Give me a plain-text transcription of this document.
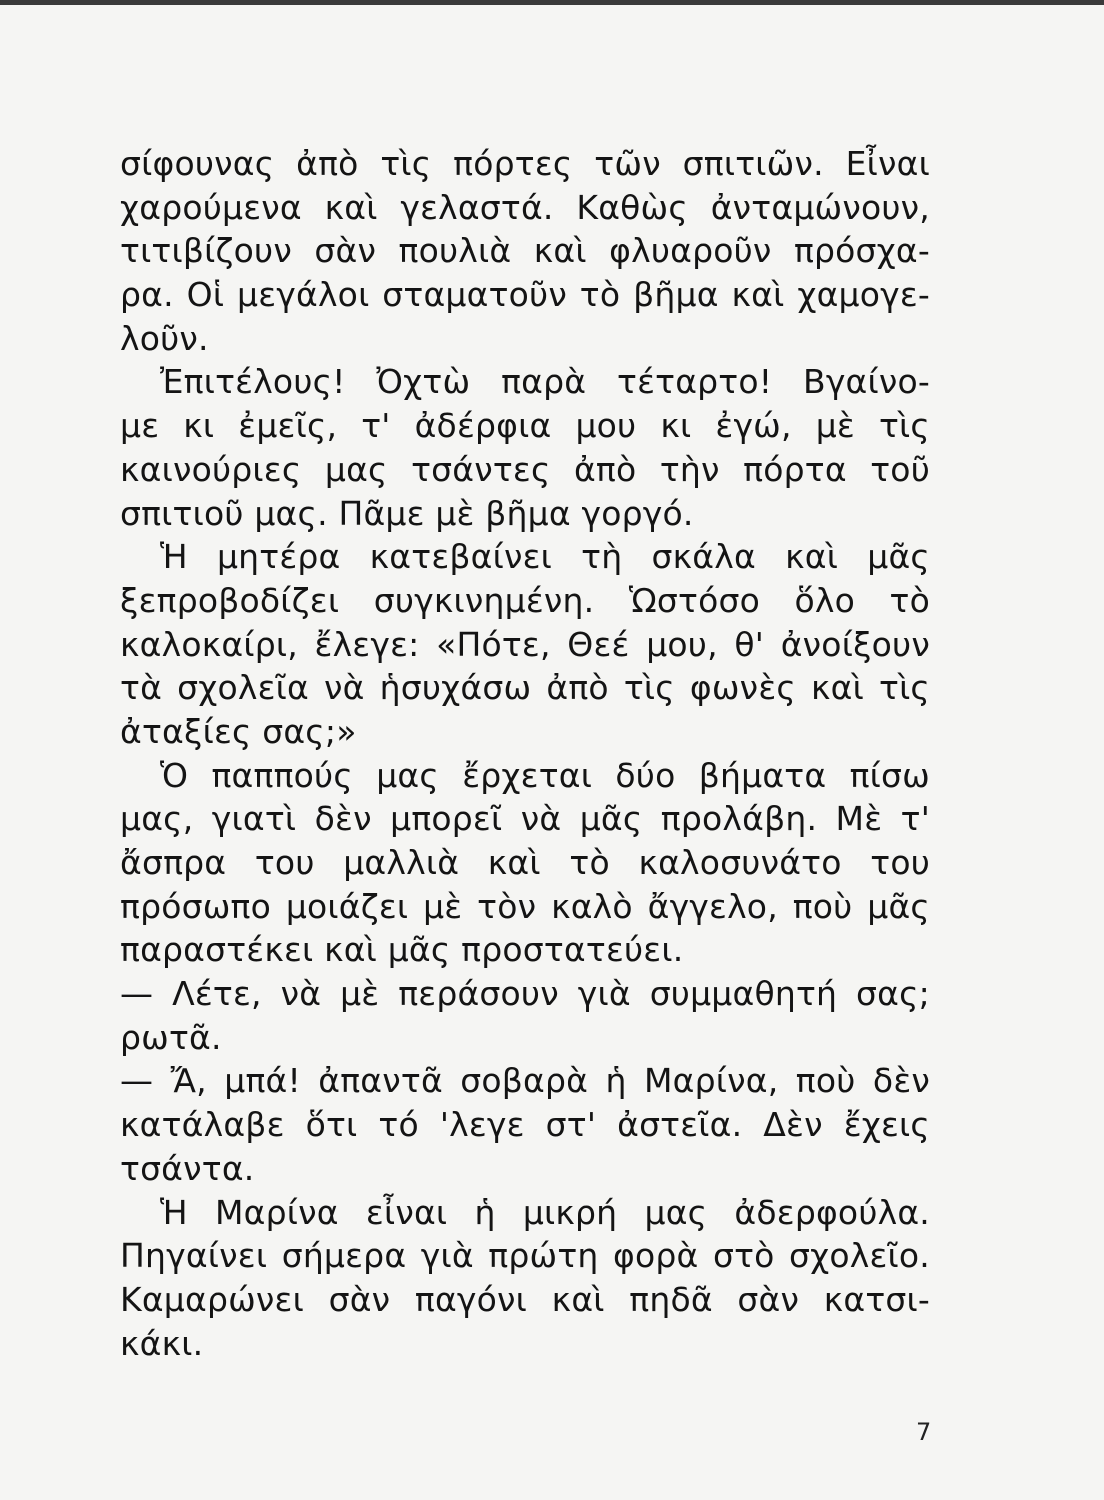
σίφουνας ἀπὸ τὶς πόρτες τῶν σπιτιῶν. Εἶναι
χαρούμενα καὶ γελαστά. Καθὼς ἀνταμώνουν,
τιτιβίζουν σὰν πουλιὰ καὶ φλυαροῦν πρόσχα-
ρα. Οἱ μεγάλοι σταματοῦν τὸ βῆμα καὶ χαμογε-
λοῦν.
Ἐπιτέλους! Ὀχτὼ παρὰ τέταρτο! Βγαίνο-
με κι ἐμεῖς, τ' ἀδέρφια μου κι ἐγώ, μὲ τὶς
καινούριες μας τσάντες ἀπὸ τὴν πόρτα τοῦ
σπιτιοῦ μας. Πᾶμε μὲ βῆμα γοργό.
Ἡ μητέρα κατεβαίνει τὴ σκάλα καὶ μᾶς
ξεπροβοδίζει συγκινημένη. Ὡστόσο ὅλο τὸ
καλοκαίρι, ἔλεγε: «Πότε, Θεέ μου, θ' ἀνοίξουν
τὰ σχολεῖα νὰ ἡσυχάσω ἀπὸ τὶς φωνὲς καὶ τὶς
ἀταξίες σας;»
Ὁ παππούς μας ἔρχεται δύο βήματα πίσω
μας, γιατὶ δὲν μπορεῖ νὰ μᾶς προλάβη. Μὲ τ'
ἄσπρα του μαλλιὰ καὶ τὸ καλοσυνάτο του
πρόσωπο μοιάζει μὲ τὸν καλὸ ἄγγελο, ποὺ μᾶς
παραστέκει καὶ μᾶς προστατεύει.
— Λέτε, νὰ μὲ περάσουν γιὰ συμμαθητή σας;
ρωτᾶ.
— Ἄ, μπά! ἀπαντᾶ σοβαρὰ ἡ Μαρίνα, ποὺ δὲν
κατάλαβε ὅτι τό 'λεγε στ' ἀστεῖα. Δὲν ἔχεις
τσάντα.
Ἡ Μαρίνα εἶναι ἡ μικρή μας ἀδερφούλα.
Πηγαίνει σήμερα γιὰ πρώτη φορὰ στὸ σχολεῖο.
Καμαρώνει σὰν παγόνι καὶ πηδᾶ σὰν κατσι-
κάκι.
7
